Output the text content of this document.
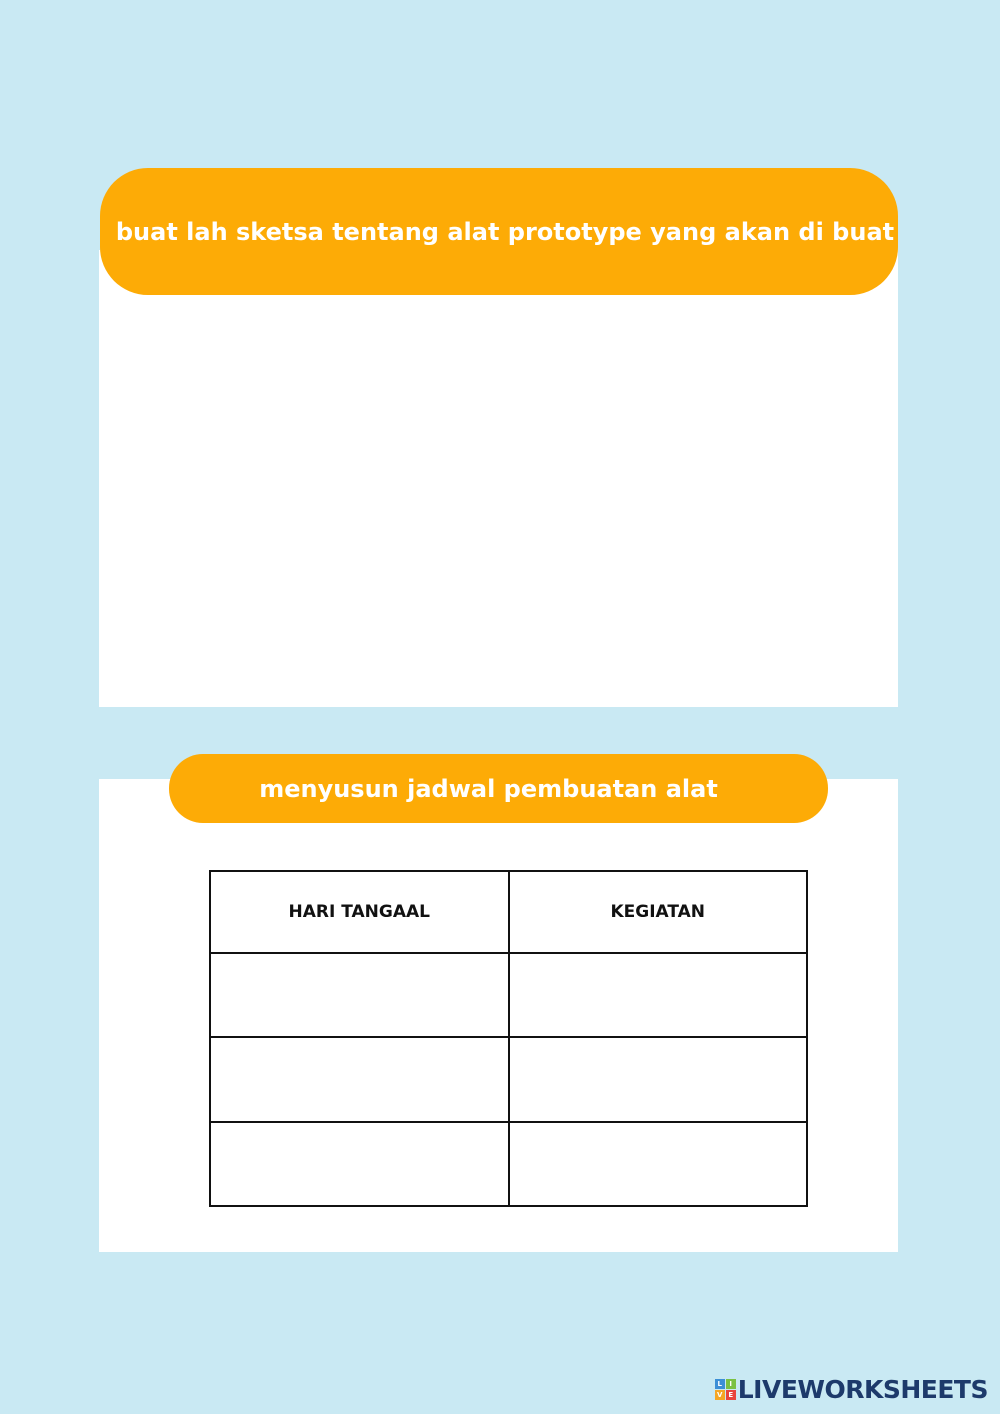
buat lah sketsa tentang alat prototype yang akan di buat
menyusun jadwal pembuatan alat
HARI TANGAAL	KEGIATAN

L	I
V E LIVEWORKSHEETS
